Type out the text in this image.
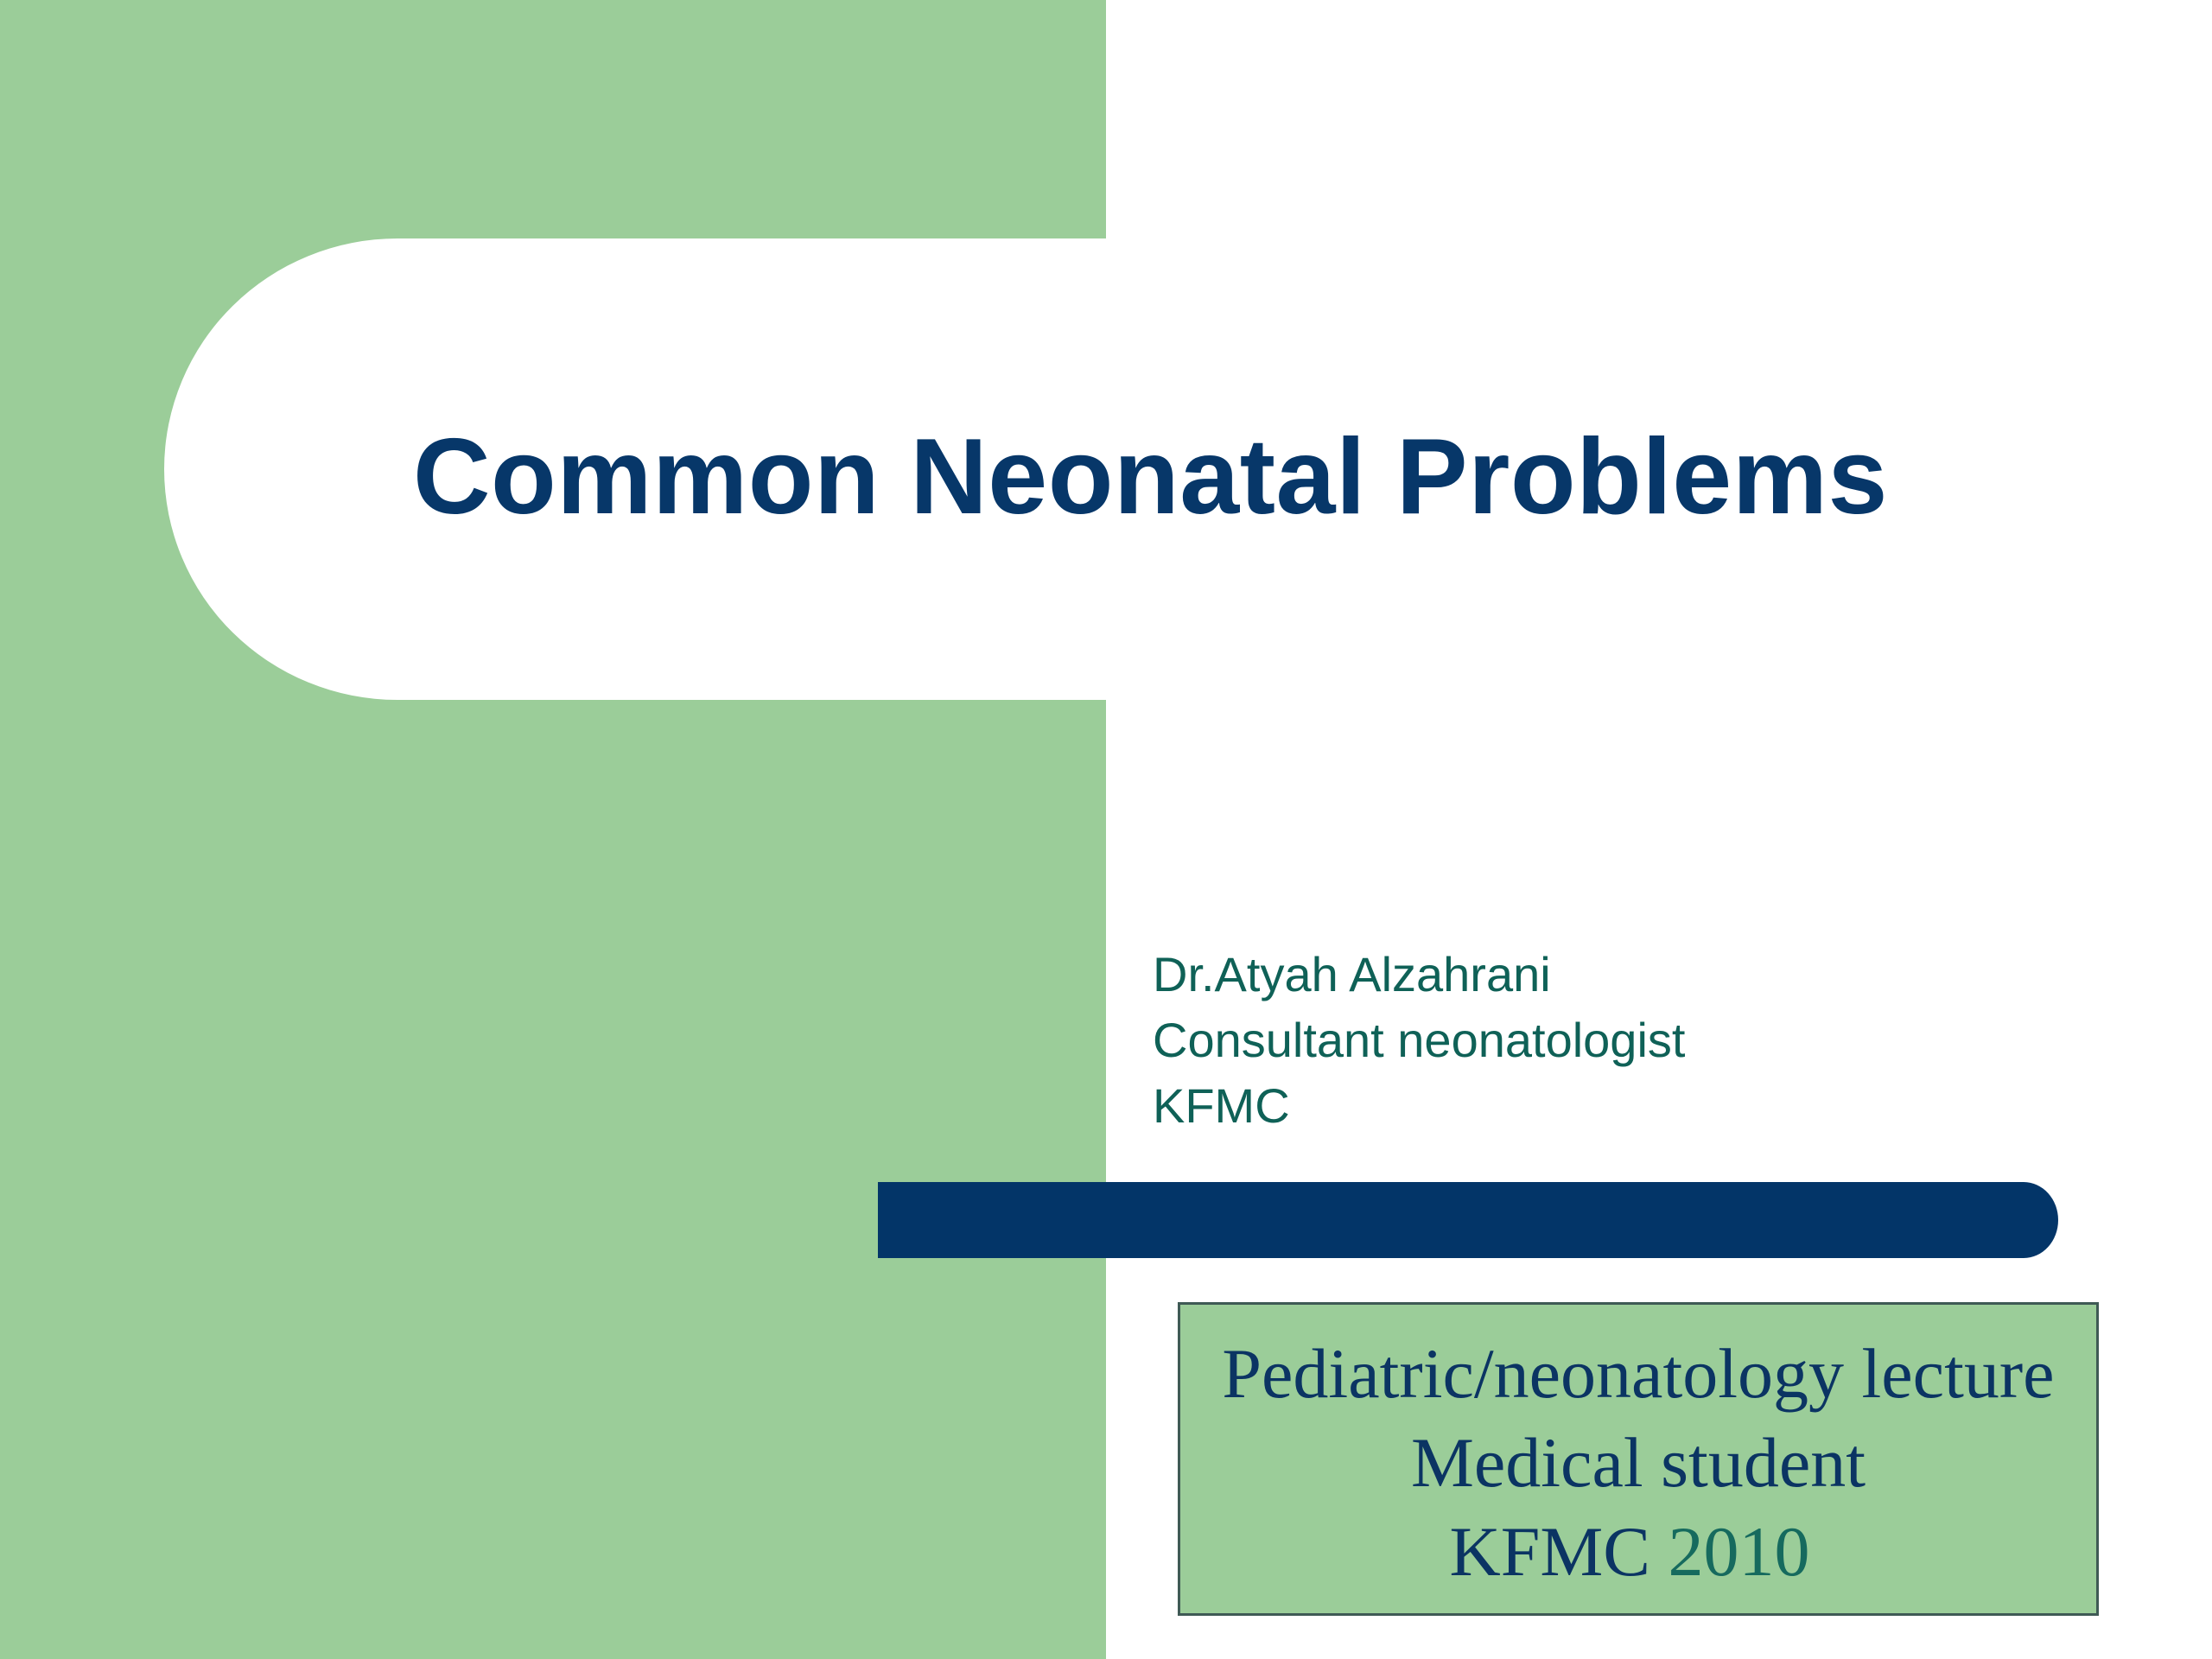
Common Neonatal Problems
Dr.Atyah Alzahrani
Consultant neonatologist
KFMC
Pediatric/neonatology lecture
Medical student
KFMC 2010
